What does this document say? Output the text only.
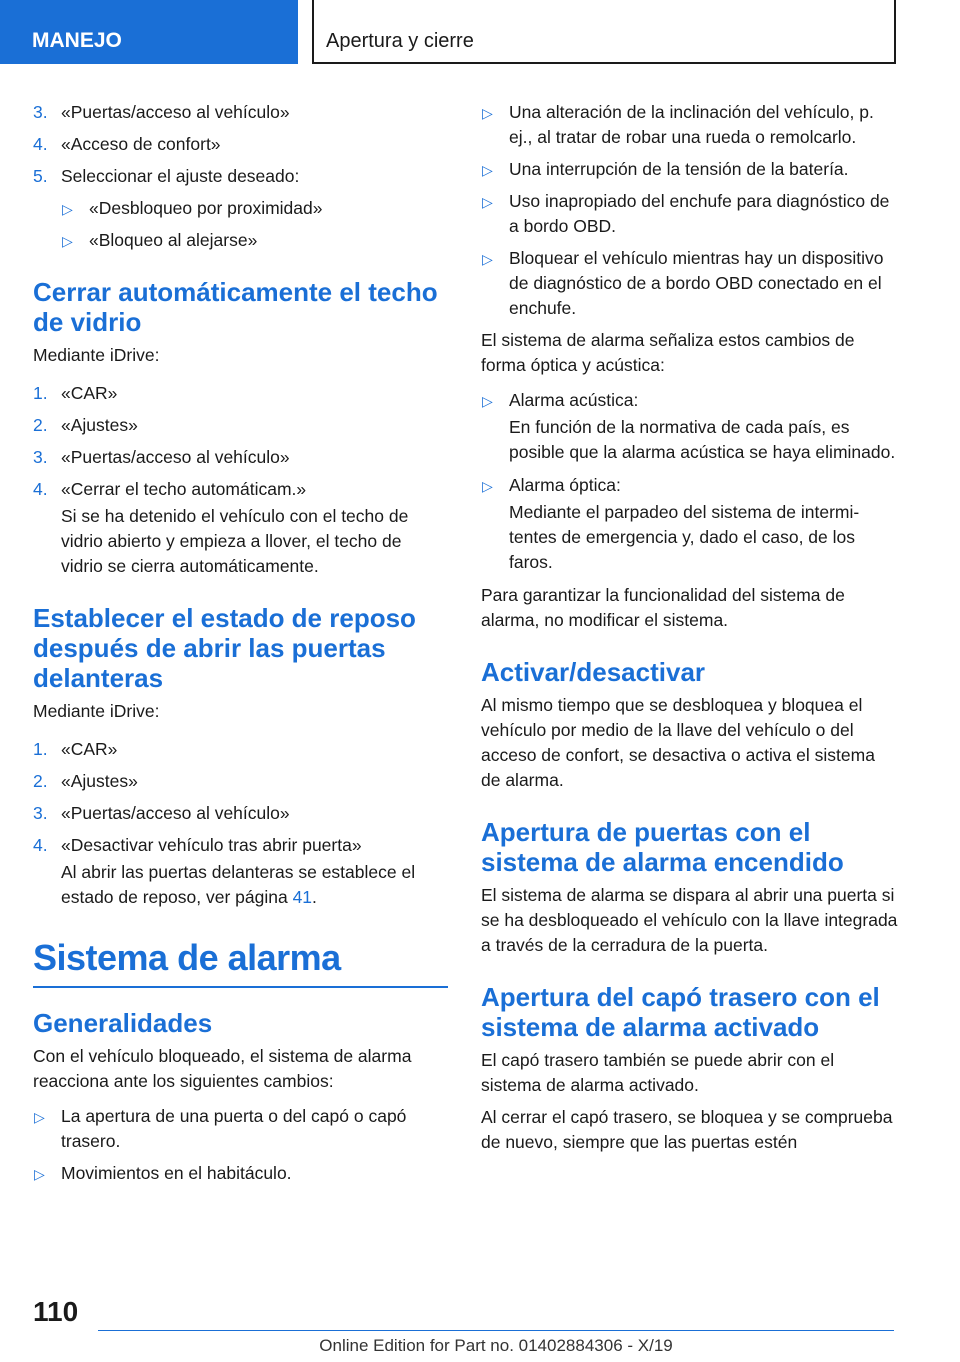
MANEJO	Apertura y cierre
3. «Puertas/acceso al vehículo»
4. «Acceso de confort»
5. Seleccionar el ajuste deseado:
▷ «Desbloqueo por proximidad»
▷ «Bloqueo al alejarse»
Cerrar automáticamente el techo de vidrio

Mediante iDrive:

1. «CAR»
2. «Ajustes»
3. «Puertas/acceso al vehículo»
4. «Cerrar el techo automáticam.»

Si se ha detenido el vehículo con el techo de vidrio abierto y empieza a llover, el techo de vidrio se cierra automáticamente.

Establecer el estado de reposo después de abrir las puertas delanteras

Mediante iDrive:

1. «CAR»
2. «Ajustes»
3. «Puertas/acceso al vehículo»
4. «Desactivar vehículo tras abrir puerta»

Al abrir las puertas delanteras se establece el estado de reposo, ver página 41.

Sistema de alarma
Generalidades

Con el vehículo bloqueado, el sistema de alarma reacciona ante los siguientes cambios:

▷ La apertura de una puerta o del capó o capó trasero.
▷ Movimientos en el habitáculo.
▷ Una alteración de la inclinación del vehículo, p. ej., al tratar de robar una rueda o remolcarlo.
▷ Una interrupción de la tensión de la batería.
▷ Uso inapropiado del enchufe para diagnóstico de a bordo OBD.
▷ Bloquear el vehículo mientras hay un dispositivo de diagnóstico de a bordo OBD conectado en el enchufe.

El sistema de alarma señaliza estos cambios de forma óptica y acústica:

▷ Alarma acústica:

En función de la normativa de cada país, es posible que la alarma acústica se haya eliminado.

▷ Alarma óptica:

Mediante el parpadeo del sistema de intermitentes de emergencia y, dado el caso, de los faros.

Para garantizar la funcionalidad del sistema de alarma, no modificar el sistema.

Activar/desactivar

Al mismo tiempo que se desbloquea y bloquea el vehículo por medio de la llave del vehículo o del acceso de confort, se desactiva o activa el sistema de alarma.

Apertura de puertas con el sistema de alarma encendido

El sistema de alarma se dispara al abrir una puerta si se ha desbloqueado el vehículo con la llave integrada a través de la cerradura de la puerta.

Apertura del capó trasero con el sistema de alarma activado

El capó trasero también se puede abrir con el sistema de alarma activado.

Al cerrar el capó trasero, se bloquea y se comprueba de nuevo, siempre que las puertas estén

110
Online Edition for Part no. 01402884306 - X/19
